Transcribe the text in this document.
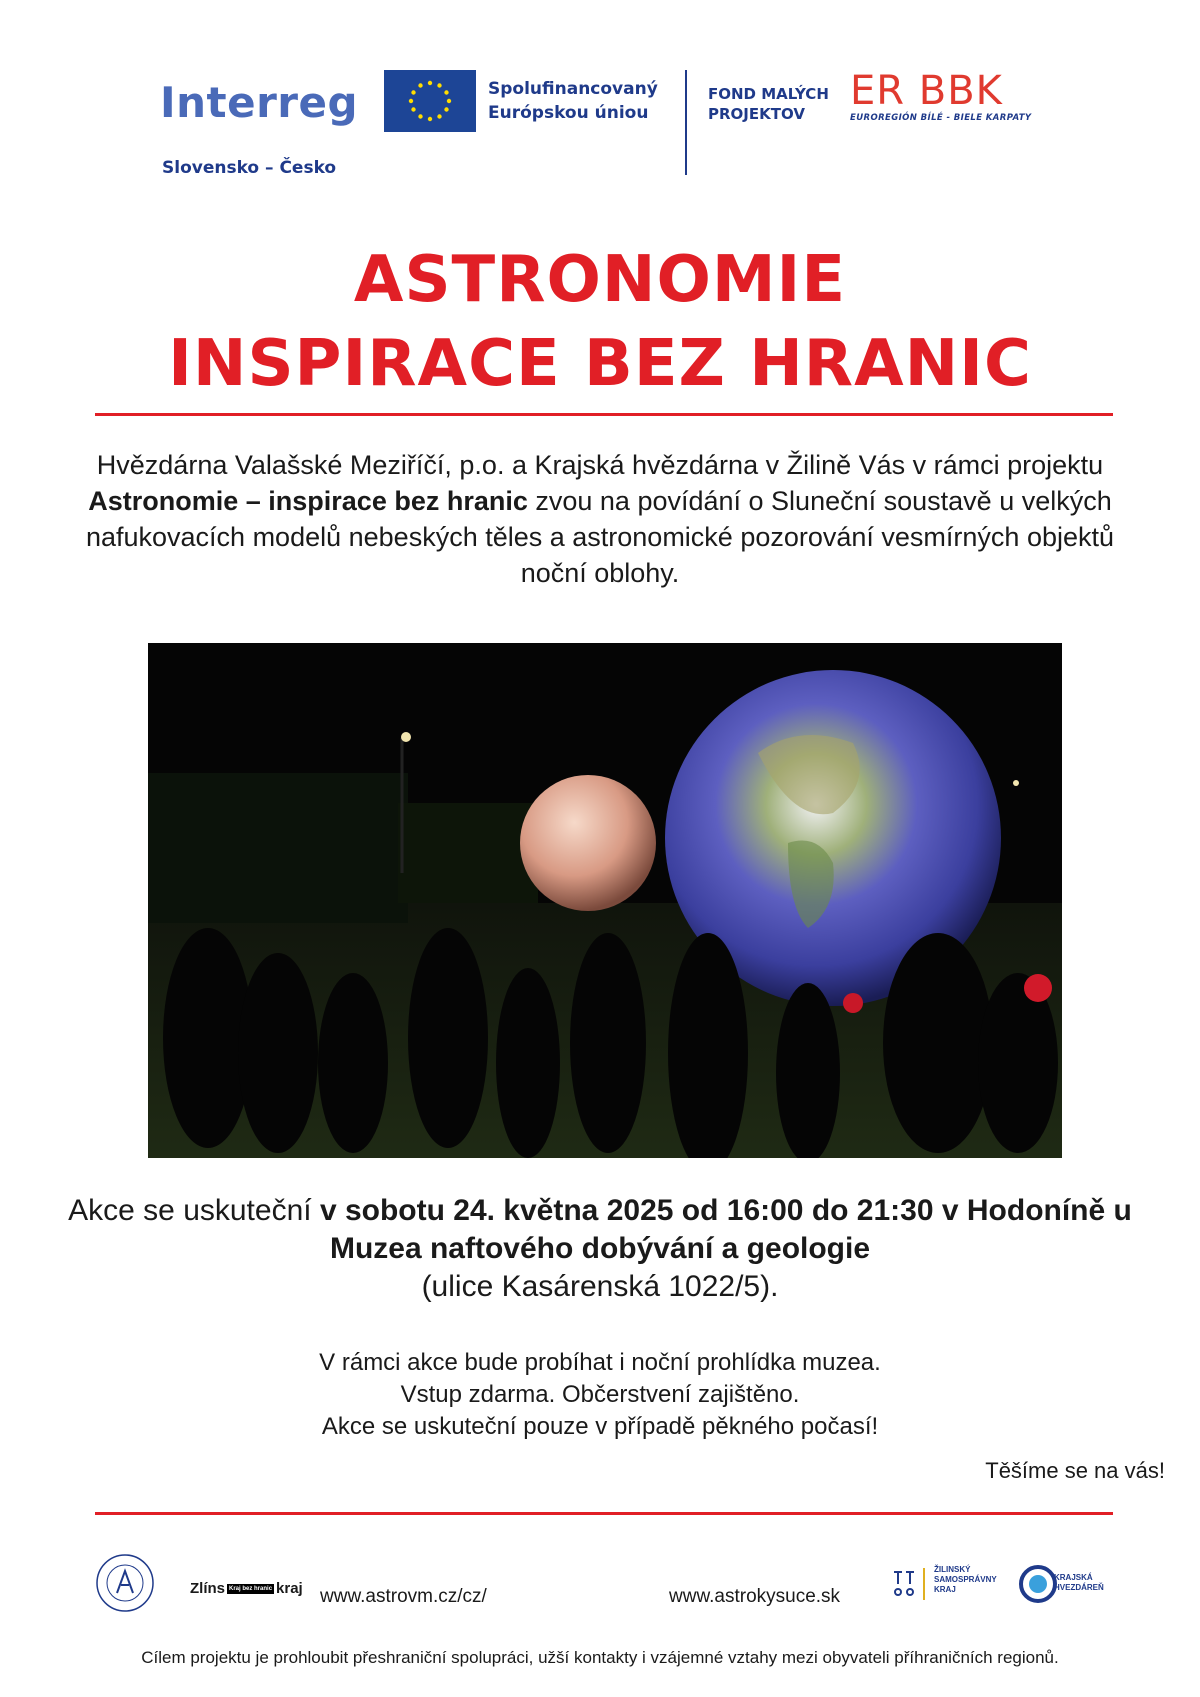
Interreg
Slovensko – Česko
Spolufinancovaný
Európskou úniou
FOND MALÝCH
PROJEKTOV	ER BBK
EUROREGIÓN BÍLÉ - BIELE KARPATY
ASTRONOMIE
INSPIRACE BEZ HRANIC
Hvězdárna Valašské Meziříčí, p.o. a Krajská hvězdárna v Žilině Vás v rámci projektu Astronomie – inspirace bez hranic zvou na povídání o Sluneční soustavě u velkých nafukovacích modelů nebeských těles a astronomické pozorování vesmírných objektů noční oblohy.
Akce se uskuteční v sobotu 24. května 2025 od 16:00 do 21:30 v Hodoníně u Muzea naftového dobývání a geologie
(ulice Kasárenská 1022/5).
V rámci akce bude probíhat i noční prohlídka muzea.
Vstup zdarma. Občerstvení zajištěno.
Akce se uskuteční pouze v případě pěkného počasí!
Těšíme se na vás!
Zlíns Kraj bez hranic kraj www.astrovm.cz/cz/	www.astrokysuce.sk
ŽILINSKÝ
SAMOSPRÁVNY
KRAJ
KRAJSKÁ
HVEZDÁREŇ
Cílem projektu je prohloubit přeshraniční spolupráci, užší kontakty i vzájemné vztahy mezi obyvateli příhraničních regionů.
